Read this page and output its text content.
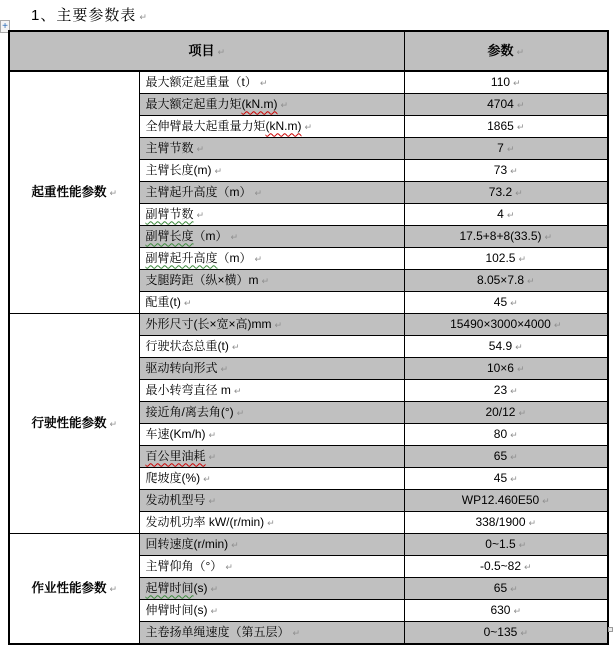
1、主要参数表 ↵
+
项目 ↵		参数 ↵
起重性能参数 ↵	最大额定起重量（t） ↵	110 ↵
	最大额定起重力矩(kN.m) ↵	4704 ↵
	全伸臂最大起重量力矩(kN.m) ↵	1865 ↵
	主臂节数 ↵	7 ↵
	主臂长度(m) ↵	73 ↵
	主臂起升高度（m） ↵	73.2 ↵
	副臂节数 ↵	4 ↵
	副臂长度（m） ↵	17.5+8+8(33.5) ↵
	副臂起升高度（m） ↵	102.5 ↵
	支腿跨距（纵×横）m ↵	8.05×7.8 ↵
	配重(t) ↵	45 ↵
行驶性能参数 ↵	外形尺寸(长×宽×高)mm ↵	15490×3000×4000 ↵
	行驶状态总重(t) ↵	54.9 ↵
	驱动转向形式 ↵	10×6 ↵
	最小转弯直径 m ↵	23 ↵
	接近角/离去角(°) ↵	20/12 ↵
	车速(Km/h) ↵	80 ↵
	百公里油耗 ↵	65 ↵
	爬坡度(%) ↵	45 ↵
	发动机型号 ↵	WP12.460E50 ↵
	发动机功率 kW/(r/min) ↵	338/1900 ↵
作业性能参数 ↵	回转速度(r/min) ↵	0~1.5 ↵
	主臂仰角（°） ↵	-0.5~82 ↵
	起臂时间(s) ↵	65 ↵
	伸臂时间(s) ↵	630 ↵
	主卷扬单绳速度（第五层） ↵	0~135 ↵
